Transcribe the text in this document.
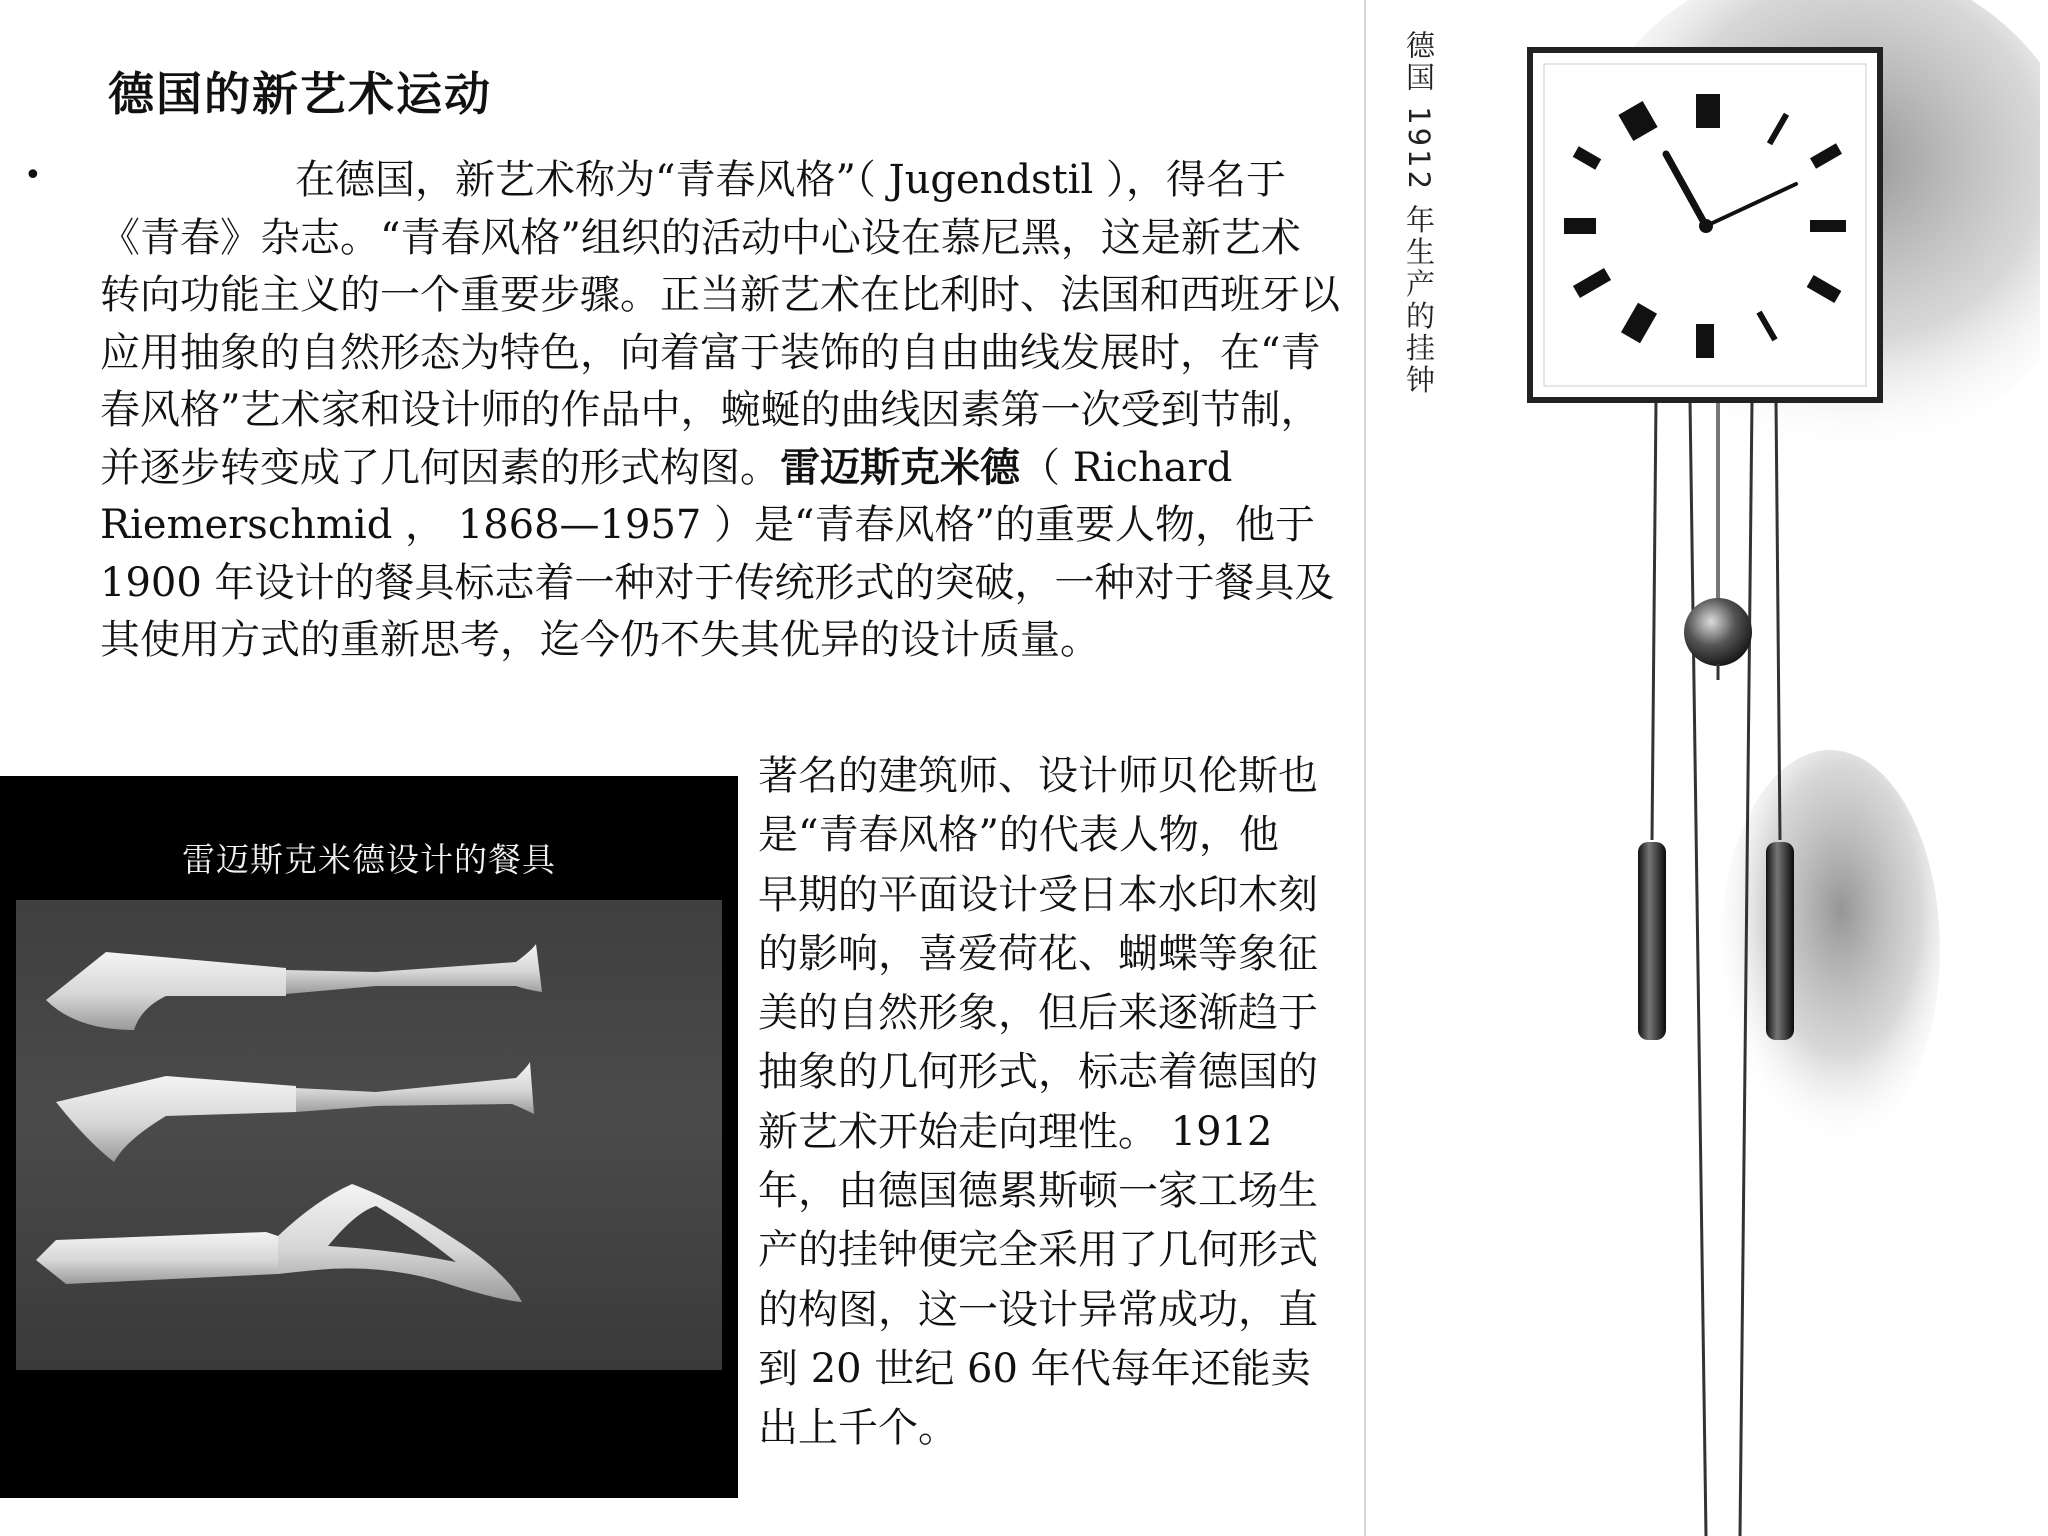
德国的新艺术运动
•	在德国，新艺术称为“青春风格”（ Jugendstil ），得名于《青春》杂志。“青春风格”组织的活动中心设在慕尼黑，这是新艺术转向功能主义的一个重要步骤。正当新艺术在比利时、法国和西班牙以应用抽象的自然形态为特色，向着富于装饰的自由曲线发展时，在“青春风格”艺术家和设计师的作品中，蜿蜒的曲线因素第一次受到节制，并逐步转变成了几何因素的形式构图。雷迈斯克米德（ Richard Riemerschmid ， 1868—1957 ）是“青春风格”的重要人物，他于 1900 年设计的餐具标志着一种对于传统形式的突破，一种对于餐具及其使用方式的重新思考，迄今仍不失其优异的设计质量。

雷迈斯克米德设计的餐具

著名的建筑师、设计师贝伦斯也是“青春风格”的代表人物，他早期的平面设计受日本水印木刻的影响，喜爱荷花、蝴蝶等象征美的自然形象，但后来逐渐趋于抽象的几何形式，标志着德国的新艺术开始走向理性。 1912 年，由德国德累斯顿一家工场生产的挂钟便完全采用了几何形式的构图，这一设计异常成功，直到 20 世纪 60 年代每年还能卖出上千个。

德国 1912 年生产的挂钟
